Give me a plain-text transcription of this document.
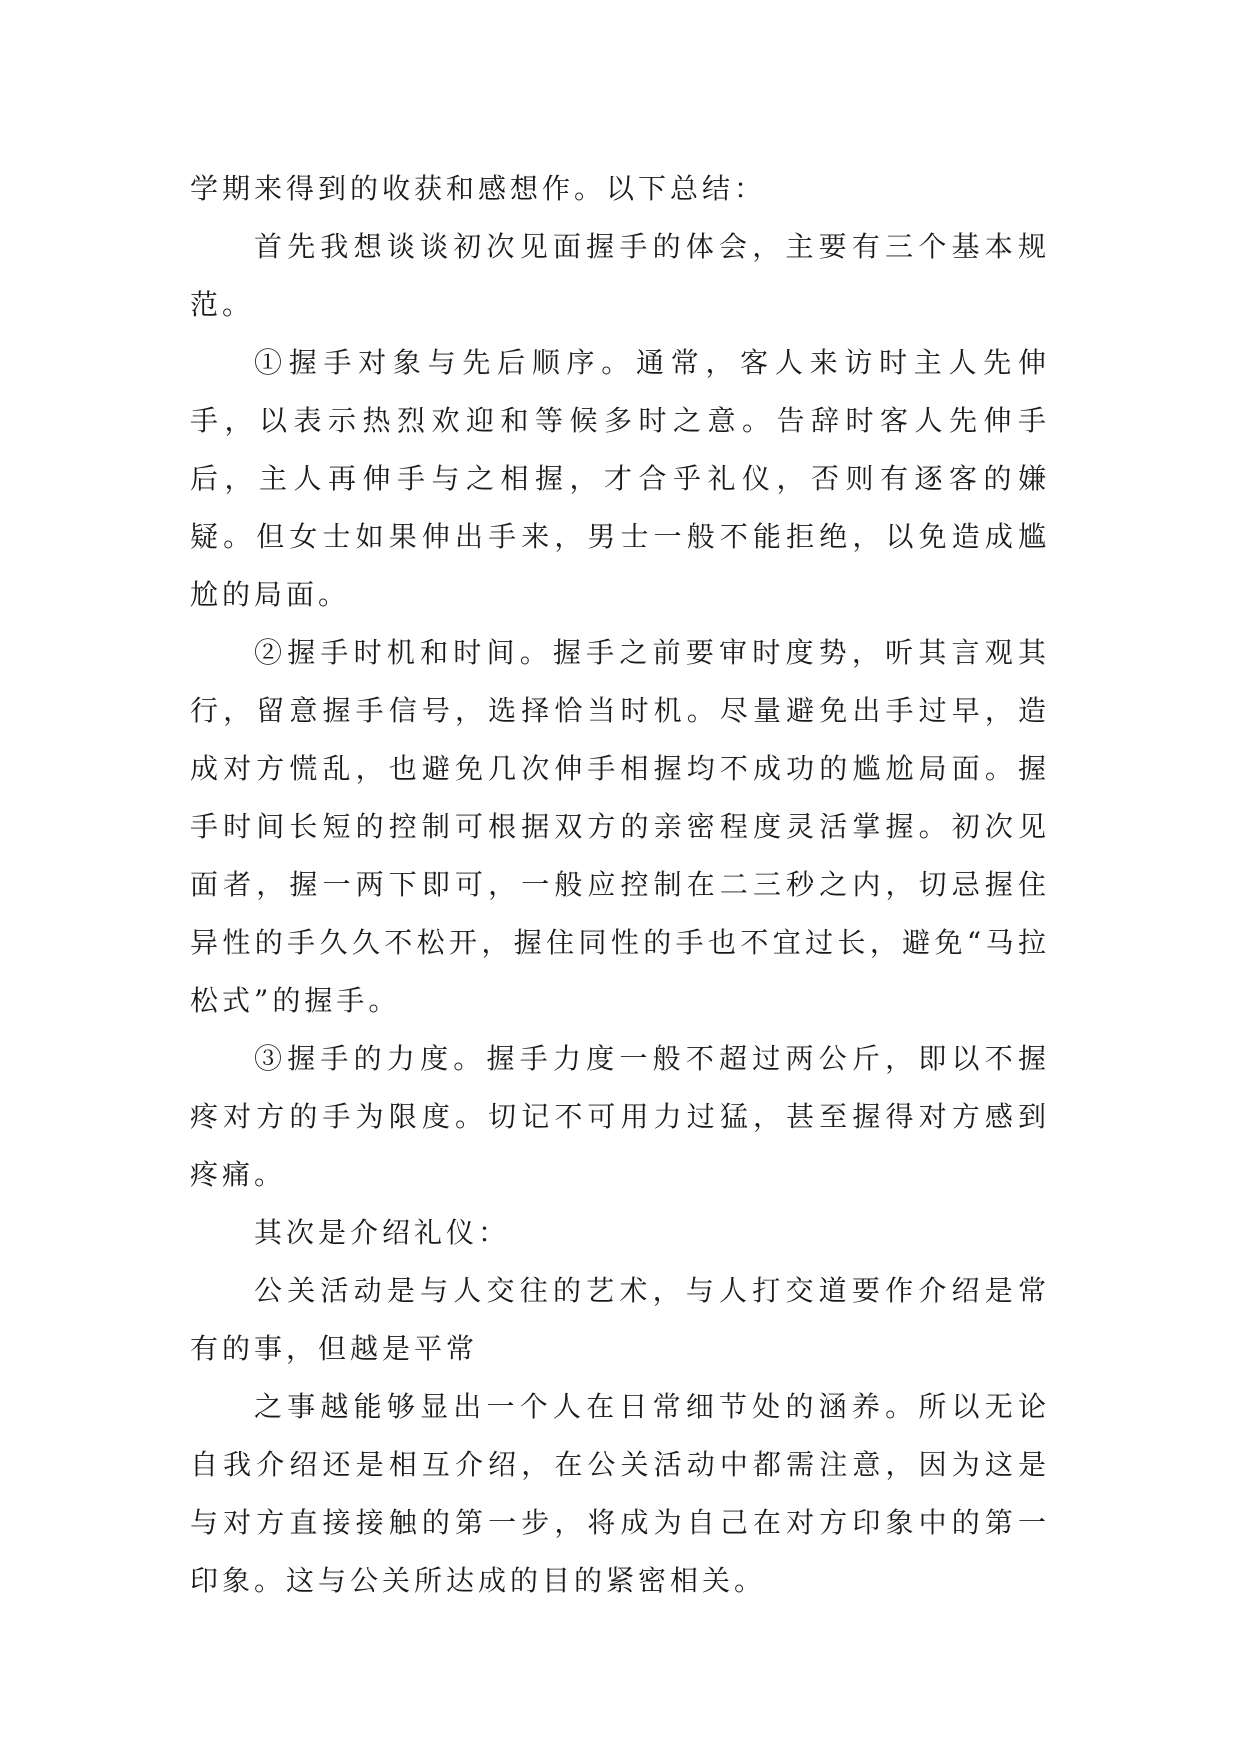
学期来得到的收获和感想作。以下总结：

首先我想谈谈初次见面握手的体会，主要有三个基本规范。

①握手对象与先后顺序。通常，客人来访时主人先伸手，以表示热烈欢迎和等候多时之意。告辞时客人先伸手后，主人再伸手与之相握，才合乎礼仪，否则有逐客的嫌疑。但女士如果伸出手来，男士一般不能拒绝，以免造成尴尬的局面。

②握手时机和时间。握手之前要审时度势，听其言观其行，留意握手信号，选择恰当时机。尽量避免出手过早，造成对方慌乱，也避免几次伸手相握均不成功的尴尬局面。握手时间长短的控制可根据双方的亲密程度灵活掌握。初次见面者，握一两下即可，一般应控制在二三秒之内，切忌握住异性的手久久不松开，握住同性的手也不宜过长，避免“马拉松式”的握手。

③握手的力度。握手力度一般不超过两公斤，即以不握疼对方的手为限度。切记不可用力过猛，甚至握得对方感到疼痛。

其次是介绍礼仪：

公关活动是与人交往的艺术，与人打交道要作介绍是常有的事，但越是平常

之事越能够显出一个人在日常细节处的涵养。所以无论自我介绍还是相互介绍，在公关活动中都需注意，因为这是与对方直接接触的第一步，将成为自己在对方印象中的第一印象。这与公关所达成的目的紧密相关。
